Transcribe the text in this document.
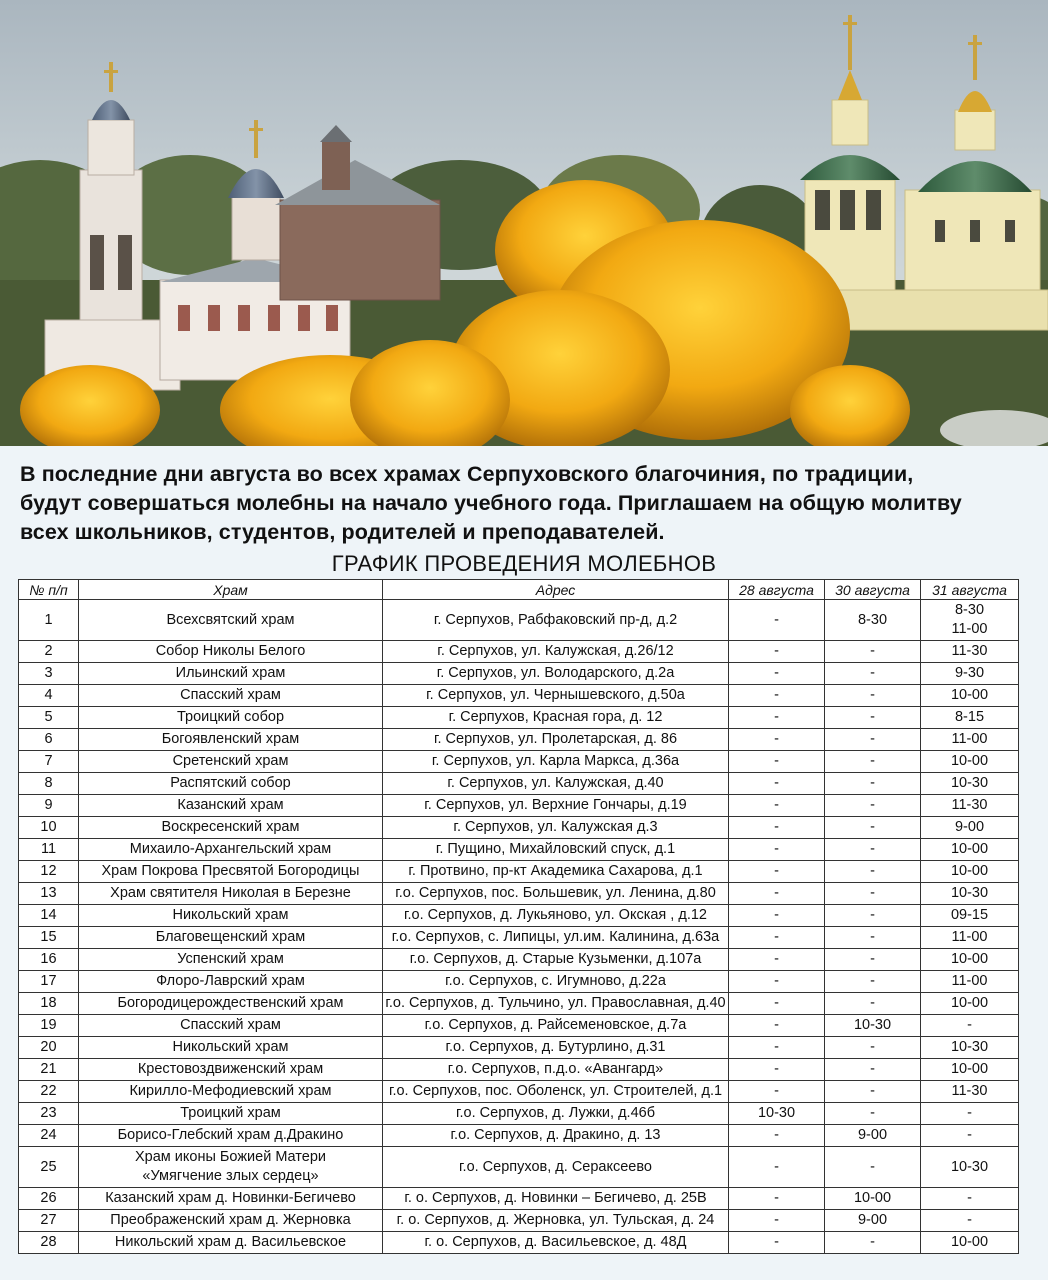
В последние дни августа во всех храмах Серпуховского благочиния, по традиции,
будут совершаться молебны на начало учебного года. Приглашаем на общую молитву
всех школьников, студентов, родителей и преподавателей.
ГРАФИК ПРОВЕДЕНИЯ МОЛЕБНОВ
№ п/п	Храм	Адрес	28 августа	30 августа	31 августа
1	Всехсвятский храм	г. Серпухов, Рабфаковский пр-д, д.2	-	8-30	8-30
11-00

2	Собор Николы Белого	г. Серпухов, ул. Калужская, д.26/12	-	-	11-30
3	Ильинский храм	г. Серпухов, ул. Володарского, д.2а	-	-	9-30
4	Спасский храм	г. Серпухов, ул. Чернышевского, д.50а	-	-	10-00
5	Троицкий собор	г. Серпухов, Красная гора, д. 12	-	-	8-15
6	Богоявленский храм	г. Серпухов, ул. Пролетарская, д. 86	-	-	11-00
7	Сретенский храм	г. Серпухов, ул. Карла Маркса, д.36а	-	-	10-00
8	Распятский собор	г. Серпухов, ул. Калужская, д.40	-	-	10-30
9	Казанский храм	г. Серпухов, ул. Верхние Гончары, д.19	-	-	11-30
10	Воскресенский храм	г. Серпухов, ул. Калужская д.3	-	-	9-00
11	Михаило-Архангельский храм	г. Пущино, Михайловский спуск, д.1	-	-	10-00
12	Храм Покрова Пресвятой Богородицы	г. Протвино, пр-кт Академика Сахарова, д.1	-	-	10-00
13	Храм святителя Николая в Березне	г.о. Серпухов, пос. Большевик, ул. Ленина, д.80	-	-	10-30
14	Никольский храм	г.о. Серпухов, д. Лукьяново, ул. Окская , д.12	-	-	09-15
15	Благовещенский храм	г.о. Серпухов, с. Липицы, ул.им. Калинина, д.63а	-	-	11-00
16	Успенский храм	г.о. Серпухов, д. Старые Кузьменки, д.107а	-	-	10-00
17	Флоро-Лаврский храм	г.о. Серпухов, с. Игумново, д.22а	-	-	11-00
18	Богородицерождественский храм	г.о. Серпухов, д. Тульчино, ул. Православная, д.40	-	-	10-00
19	Спасский храм	г.о. Серпухов, д. Райсеменовское, д.7а	-	10-30	-
20	Никольский храм	г.о. Серпухов, д. Бутурлино, д.31	-	-	10-30
21	Крестовоздвиженский храм	г.о. Серпухов, п.д.о. «Авангард»	-	-	10-00
22	Кирилло-Мефодиевский храм	г.о. Серпухов, пос. Оболенск, ул. Строителей, д.1	-	-	11-30
23	Троицкий храм	г.о. Серпухов, д. Лужки, д.46б	10-30	-	-
24	Борисо-Глебский храм д.Дракино	г.о. Серпухов, д. Дракино, д. 13	-	9-00	-
25	Храм иконы Божией Матери
«Умягчение злых сердец»	г.о. Серпухов, д. Сераксеево	-	-	10-30
26	Казанский храм д. Новинки-Бегичево	г. о. Серпухов, д. Новинки – Бегичево, д. 25В	-	10-00	-
27	Преображенский храм д. Жерновка	г. о. Серпухов, д. Жерновка, ул. Тульская, д. 24	-	9-00	-
28	Никольский храм д. Васильевское	г. о. Серпухов, д. Васильевское, д. 48Д	-	-	10-00
